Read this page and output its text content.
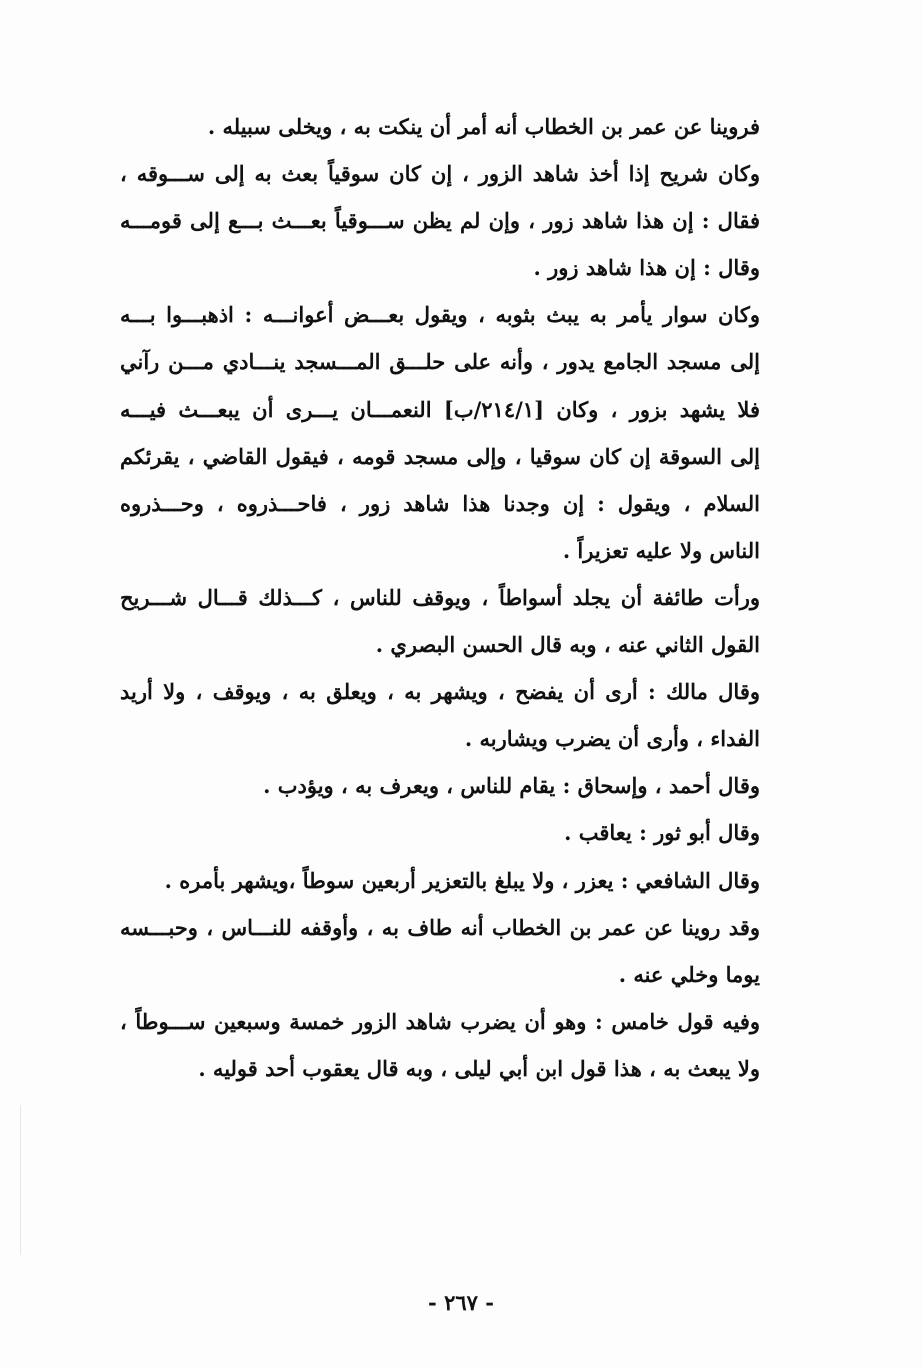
فروينا عن عمر بن الخطاب أنه أمر أن ينكت به ، ويخلى سبيله .
وكان شريح إذا أخذ شاهد الزور ، إن كان سوقياً بعث به إلى ســـوقه ،
فقال : إن هذا شاهد زور ، وإن لم يظن ســـوقياً بعـــث بـــع إلى قومـــه
وقال : إن هذا شاهد زور .
وكان سوار يأمر به يبث بثوبه ، ويقول بعـــض أعوانـــه : اذهبـــوا بـــه
إلى مسجد الجامع يدور ، وأنه على حلـــق المـــسجد ينـــادي مـــن رآني
فلا يشهد بزور ، وكان [٢١٤/١/ب] النعمـــان يـــرى أن يبعـــث فيـــه
إلى السوقة إن كان سوقيا ، وإلى مسجد قومه ، فيقول القاضي ، يقرئكم
السلام ، ويقول : إن وجدنا هذا شاهد زور ، فاحـــذروه ، وحـــذروه
الناس ولا عليه تعزيراً .
ورأت طائفة أن يجلد أسواطاً ، ويوقف للناس ، كـــذلك قـــال شـــريح
القول الثاني عنه ، وبه قال الحسن البصري .
وقال مالك : أرى أن يفضح ، ويشهر به ، ويعلق به ، ويوقف ، ولا أريد
الفداء ، وأرى أن يضرب ويشاربه .
وقال أحمد ، وإسحاق : يقام للناس ، ويعرف به ، ويؤدب .
وقال أبو ثور : يعاقب .
وقال الشافعي : يعزر ، ولا يبلغ بالتعزير أربعين سوطاً ،ويشهر بأمره .
وقد روينا عن عمر بن الخطاب أنه طاف به ، وأوقفه للنـــاس ، وحبـــسه
يوما وخلي عنه .
وفيه قول خامس : وهو أن يضرب شاهد الزور خمسة وسبعين ســـوطاً ،
ولا يبعث به ، هذا قول ابن أبي ليلى ، وبه قال يعقوب أحد قوليه .
- ٢٦٧ -
